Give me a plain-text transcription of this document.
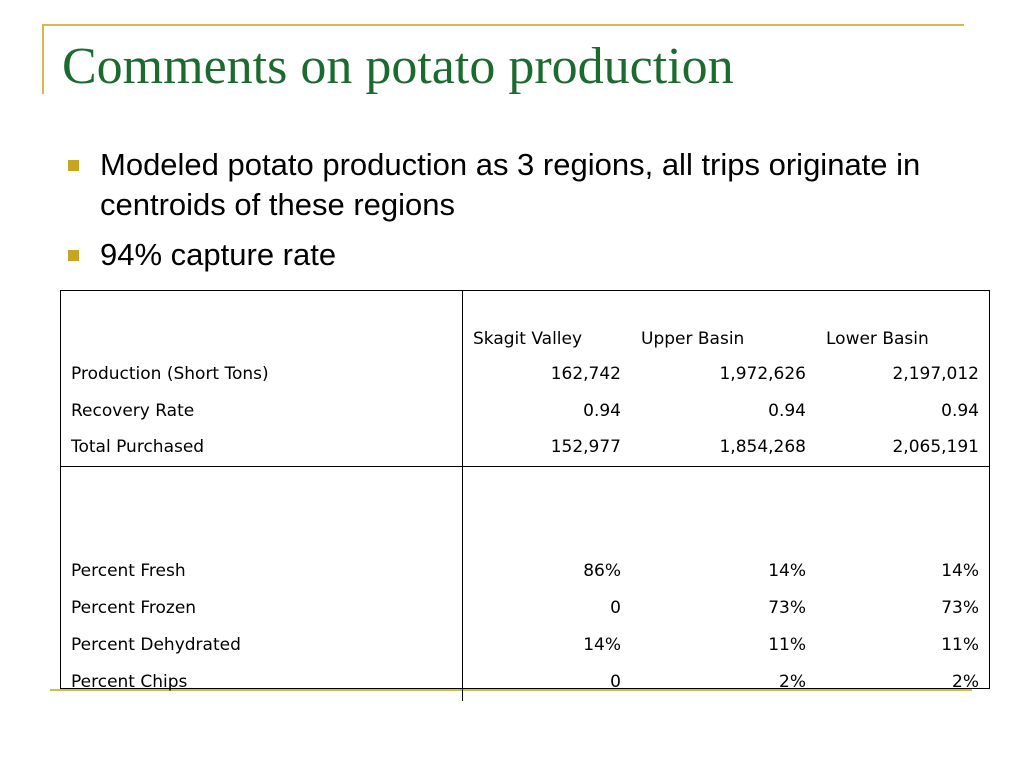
Comments on potato production
Modeled potato production as 3 regions, all trips originate in centroids of these regions
94% capture rate
	Skagit Valley	Upper Basin	Lower Basin
Production (Short Tons)	162,742	1,972,626	2,197,012
Recovery Rate	0.94	0.94	0.94
Total Purchased	152,977	1,854,268	2,065,191

Percent Fresh	86%	14%	14%
Percent Frozen	0	73%	73%
Percent Dehydrated	14%	11%	11%
Percent Chips	0	2%	2%
